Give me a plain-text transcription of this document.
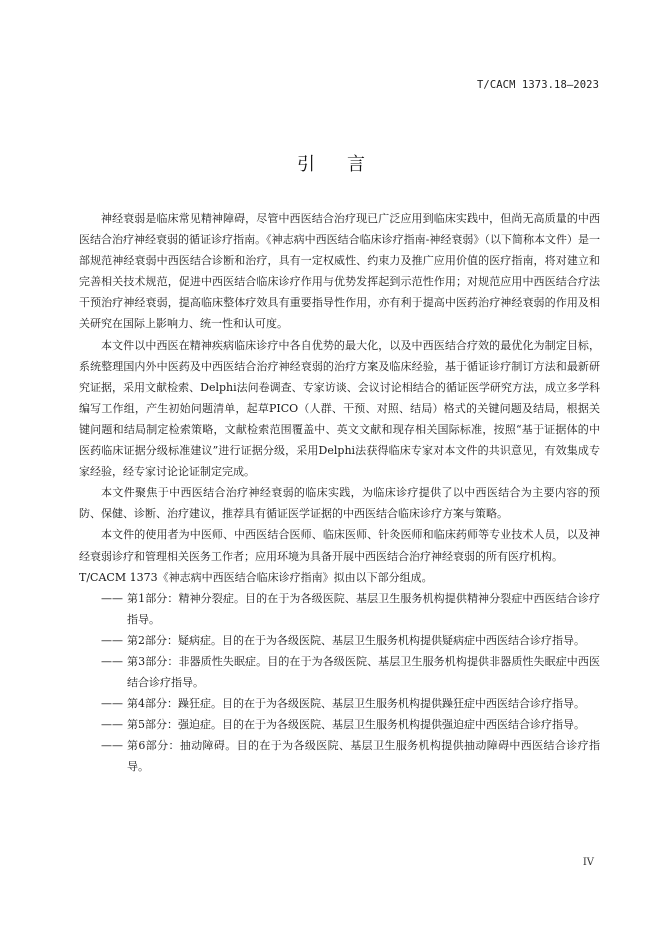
T/CACM 1373.18—2023
引言

神经衰弱是临床常见精神障碍，尽管中西医结合治疗现已广泛应用到临床实践中，但尚无高质量的中西医结合治疗神经衰弱的循证诊疗指南。《神志病中西医结合临床诊疗指南-神经衰弱》（以下简称本文件）是一部规范神经衰弱中西医结合诊断和治疗，具有一定权威性、约束力及推广应用价值的医疗指南，将对建立和完善相关技术规范，促进中西医结合临床诊疗作用与优势发挥起到示范性作用；对规范应用中西医结合疗法干预治疗神经衰弱，提高临床整体疗效具有重要指导性作用，亦有利于提高中医药治疗神经衰弱的作用及相关研究在国际上影响力、统一性和认可度。

本文件以中西医在精神疾病临床诊疗中各自优势的最大化，以及中西医结合疗效的最优化为制定目标，系统整理国内外中医药及中西医结合治疗神经衰弱的治疗方案及临床经验，基于循证诊疗制订方法和最新研究证据，采用文献检索、Delphi法问卷调查、专家访谈、会议讨论相结合的循证医学研究方法，成立多学科编写工作组，产生初始问题清单，起草PICO（人群、干预、对照、结局）格式的关键问题及结局，根据关键问题和结局制定检索策略，文献检索范围覆盖中、英文文献和现存相关国际标准，按照“基于证据体的中医药临床证据分级标准建议”进行证据分级，采用Delphi法获得临床专家对本文件的共识意见，有效集成专家经验，经专家讨论论证制定完成。

本文件聚焦于中西医结合治疗神经衰弱的临床实践，为临床诊疗提供了以中西医结合为主要内容的预防、保健、诊断、治疗建议，推荐具有循证医学证据的中西医结合临床诊疗方案与策略。

本文件的使用者为中医师、中西医结合医师、临床医师、针灸医师和临床药师等专业技术人员，以及神经衰弱诊疗和管理相关医务工作者；应用环境为具备开展中西医结合治疗神经衰弱的所有医疗机构。

T/CACM 1373《神志病中西医结合临床诊疗指南》拟由以下部分组成。

—— 第1部分：精神分裂症。目的在于为各级医院、基层卫生服务机构提供精神分裂症中西医结合诊疗指导。
—— 第2部分：疑病症。目的在于为各级医院、基层卫生服务机构提供疑病症中西医结合诊疗指导。
—— 第3部分：非器质性失眠症。目的在于为各级医院、基层卫生服务机构提供非器质性失眠症中西医结合诊疗指导。
—— 第4部分：躁狂症。目的在于为各级医院、基层卫生服务机构提供躁狂症中西医结合诊疗指导。
—— 第5部分：强迫症。目的在于为各级医院、基层卫生服务机构提供强迫症中西医结合诊疗指导。
—— 第6部分：抽动障碍。目的在于为各级医院、基层卫生服务机构提供抽动障碍中西医结合诊疗指导。
IV
